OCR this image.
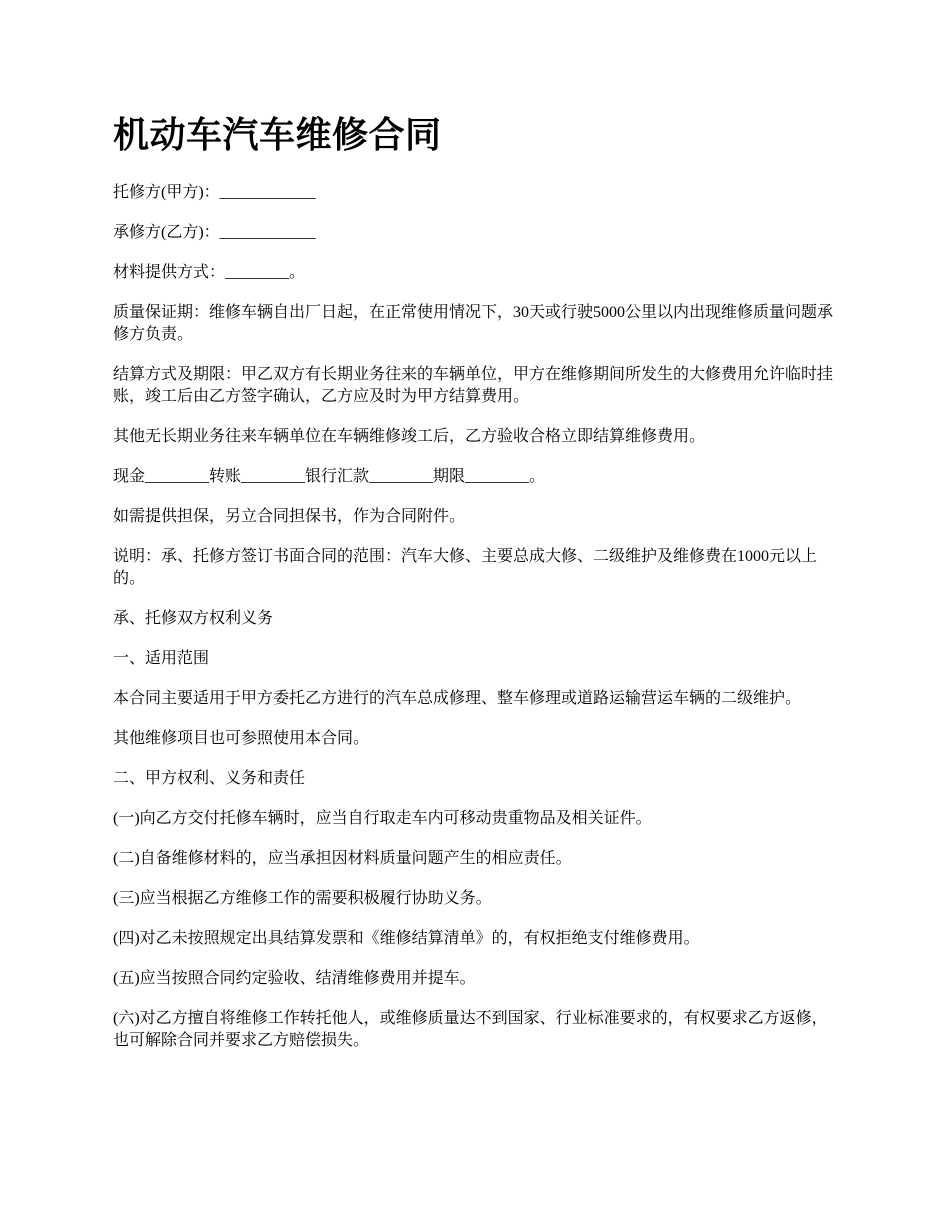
机动车汽车维修合同

托修方(甲方)：____________

承修方(乙方)：____________

材料提供方式：________。

质量保证期：维修车辆自出厂日起，在正常使用情况下，30天或行驶5000公里以内出现维修质量问题承修方负责。

结算方式及期限：甲乙双方有长期业务往来的车辆单位，甲方在维修期间所发生的大修费用允许临时挂账，竣工后由乙方签字确认，乙方应及时为甲方结算费用。

其他无长期业务往来车辆单位在车辆维修竣工后，乙方验收合格立即结算维修费用。

现金________转账________银行汇款________期限________。

如需提供担保，另立合同担保书，作为合同附件。

说明：承、托修方签订书面合同的范围：汽车大修、主要总成大修、二级维护及维修费在1000元以上的。

承、托修双方权利义务

一、适用范围

本合同主要适用于甲方委托乙方进行的汽车总成修理、整车修理或道路运输营运车辆的二级维护。

其他维修项目也可参照使用本合同。

二、甲方权利、义务和责任

(一)向乙方交付托修车辆时，应当自行取走车内可移动贵重物品及相关证件。

(二)自备维修材料的，应当承担因材料质量问题产生的相应责任。

(三)应当根据乙方维修工作的需要积极履行协助义务。

(四)对乙未按照规定出具结算发票和《维修结算清单》的，有权拒绝支付维修费用。

(五)应当按照合同约定验收、结清维修费用并提车。

(六)对乙方擅自将维修工作转托他人，或维修质量达不到国家、行业标准要求的，有权要求乙方返修，也可解除合同并要求乙方赔偿损失。
